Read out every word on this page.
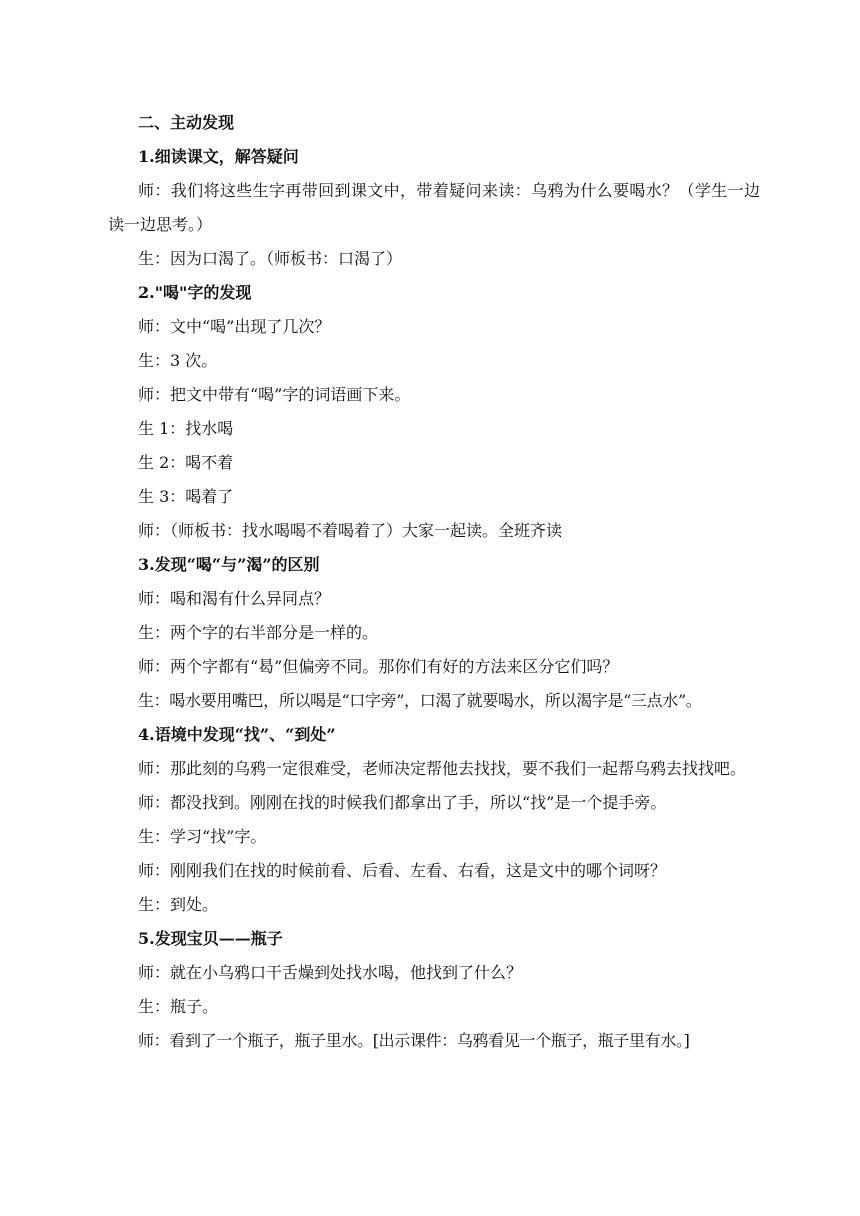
二、主动发现
1.细读课文，解答疑问
师：我们将这些生字再带回到课文中，带着疑问来读：乌鸦为什么要喝水？（学生一边读一边思考。）
生：因为口渴了。（师板书：口渴了）
2."喝"字的发现
师：文中“喝”出现了几次？
生：3 次。
师：把文中带有“喝”字的词语画下来。
生 1：找水喝
生 2：喝不着
生 3：喝着了
师：（师板书：找水喝喝不着喝着了）大家一起读。全班齐读
3.发现“喝“与”渴”的区别
师：喝和渴有什么异同点？
生：两个字的右半部分是一样的。
师：两个字都有“曷”但偏旁不同。那你们有好的方法来区分它们吗？
生：喝水要用嘴巴，所以喝是“口字旁”，口渴了就要喝水，所以渴字是“三点水”。
4.语境中发现“找”、“到处”
师：那此刻的乌鸦一定很难受，老师决定帮他去找找，要不我们一起帮乌鸦去找找吧。
师：都没找到。刚刚在找的时候我们都拿出了手，所以“找”是一个提手旁。
生：学习“找”字。
师：刚刚我们在找的时候前看、后看、左看、右看，这是文中的哪个词呀？
生：到处。
5.发现宝贝——瓶子
师：就在小乌鸦口干舌燥到处找水喝，他找到了什么？
生：瓶子。
师：看到了一个瓶子，瓶子里水。[出示课件：乌鸦看见一个瓶子，瓶子里有水。]
